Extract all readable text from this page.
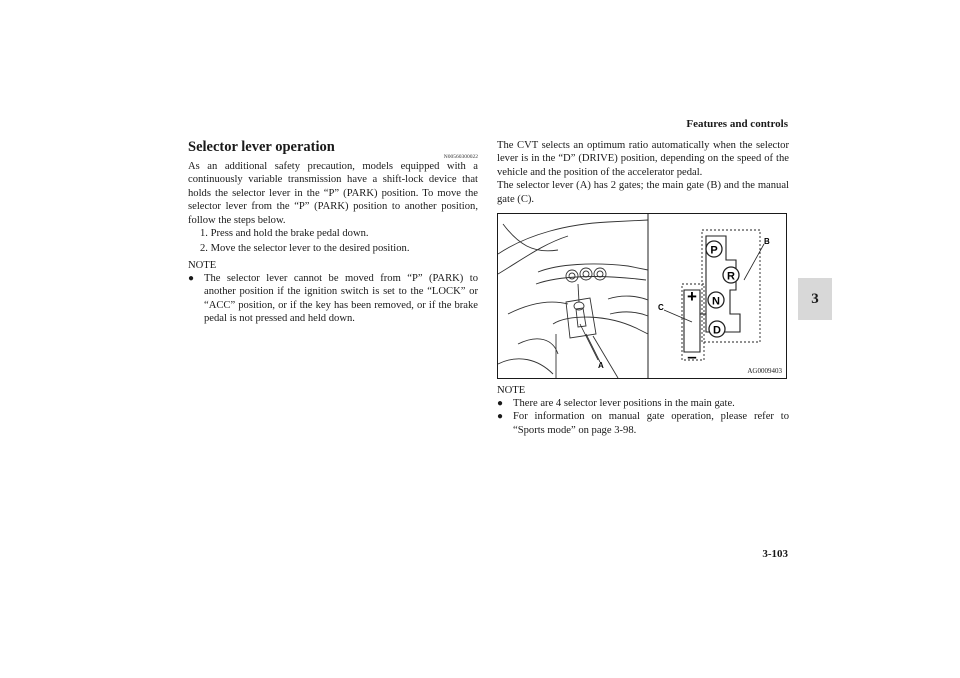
Features and controls
3
Selector lever operation
N00560300022

As an additional safety precaution, models equipped with a continuously variable transmission have a shift-lock device that holds the selector lever in the “P” (PARK) position. To move the selector lever from the “P” (PARK) position to another position, follow the steps below.

1. Press and hold the brake pedal down.
2. Move the selector lever to the desired position.
NOTE
● The selector lever cannot be moved from “P” (PARK) to another position if the ignition switch is set to the “LOCK” or “ACC” position, or if the key has been removed, or if the brake pedal is not pressed and held down.

The CVT selects an optimum ratio automatically when the selector lever is in the “D” (DRIVE) position, depending on the speed of the vehicle and the position of the accelerator pedal.

The selector lever (A) has 2 gates; the main gate (B) and the manual gate (C).

A
P
R
N
D
+
–
C
B
AG0009403
NOTE
● There are 4 selector lever positions in the main gate.
● For information on manual gate operation, please refer to “Sports mode” on page 3-98.
3-103
